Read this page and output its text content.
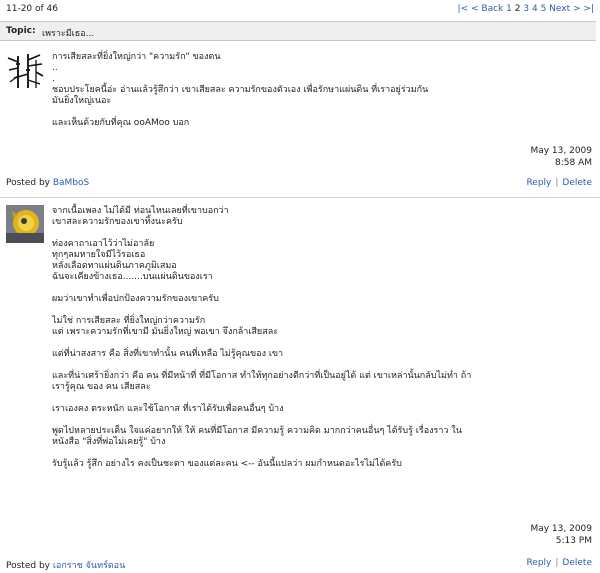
11-20 of 46	|< < Back 1 2 3 4 5 Next > >|
Topic: เพราะมีเธอ...
การเสียสละที่ยิ่งใหญ่กว่า "ความรัก" ของตน
..
.
ชอบประโยคนี้อ่ะ อ่านแล้วรู้สึกว่า เขาเสียสละ ความรักของตัวเอง เพื่อรักษาแผ่นดิน ที่เราอยู่ร่วมกัน
มันยิ่งใหญ่เนอะ
และเห็นด้วยกับที่คุณ ooAMoo บอก
May 13, 2009
8:58 AM
Posted by BaMboS	Reply | Delete
จากเนื้อเพลง ไม่ได้มี ท่อนไหนเลยที่เขาบอกว่า
เขาสละความรักของเขาทิ้งนะครับ
ท่องคาถาเอาไว้ว่าไม่อาลัย
ทุกๆลมหายใจมีไว้รอเธอ
หลั่งเลือดทาแผ่นดินภาคภูมิเสมอ
ฉันจะเคียงข้างเธอ.......บนแผ่นดินของเรา
ผมว่าเขาทำเพื่อปกป้องความรักของเขาครับ
ไม่ใช่ การเสียสละ ที่ยิ่งใหญ่กว่าความรัก
แต่ เพราะความรักที่เขามี มันยิ่งใหญ่ พอเขา จึงกล้าเสียสละ
แต่ที่น่าสงสาร คือ สิ่งที่เขาทำนั้น คนที่เหลือ ไม่รู้คุณของ เขา
และที่น่าเศร้ายิ่งกว่า คือ คน ที่มีหน้าที่ ที่มีโอกาส ทำให้ทุกอย่างดีกว่าที่เป็นอยู่ได้ แต่ เขาเหล่านั้นกลับไม่ทำ ถ้า
เรารู้คุณ ของ คน เสียสละ
เราเองคง ตระหนัก และใช้โอกาส ที่เราได้รับเพื่อคนอื่นๆ บ้าง
พูดไปหลายประเด็น ใจแค่อยากให้ ให้ คนที่มีโอกาส มีความรู้ ความคิด มากกว่าคนอื่นๆ ได้รับรู้ เรื่องราว ใน
หนังสือ "สิ่งที่พ่อไม่เคยรู้" บ้าง
รับรู้แล้ว รู้สึก อย่างไร คงเป็นชะตา ของแต่ละคน <-- อันนี้แปลว่า ผมกำหนดอะไรไม่ได้ครับ
May 13, 2009
5:13 PM
Posted by เอกราช จันทร์ดอน	Reply | Delete
